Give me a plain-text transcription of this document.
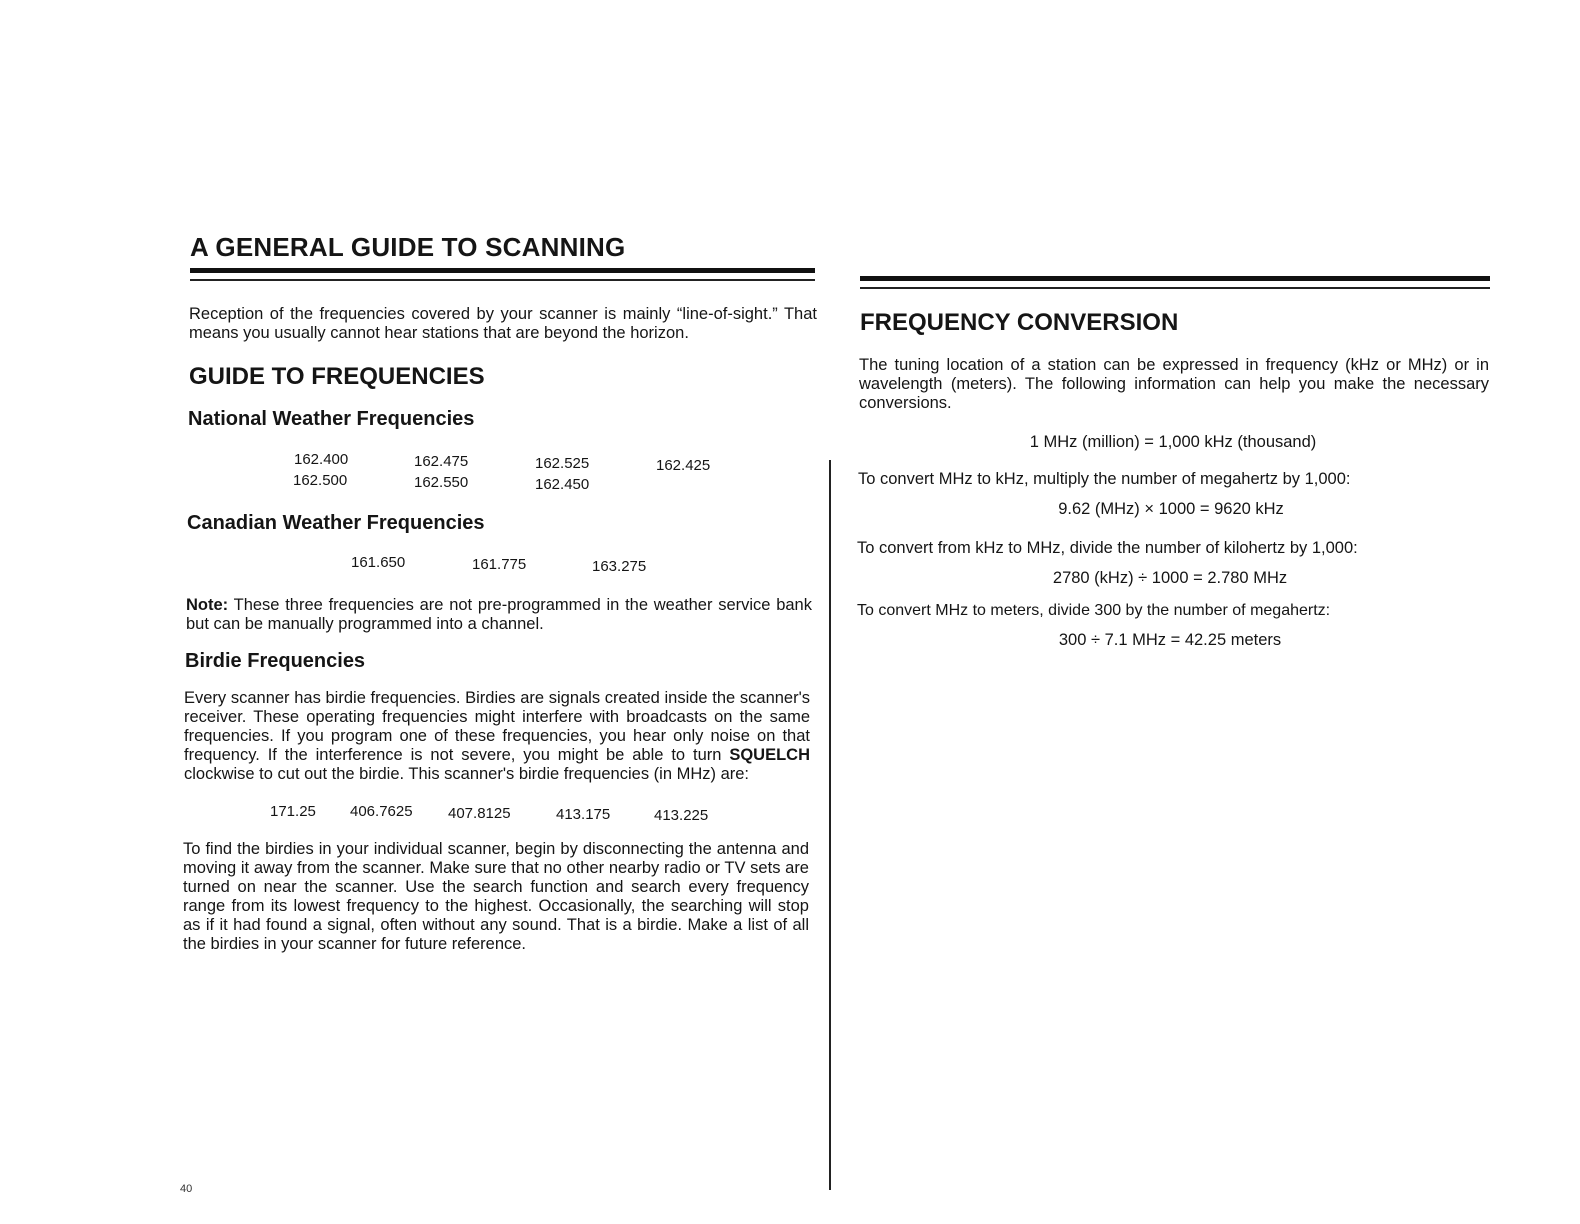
A GENERAL GUIDE TO SCANNING
Reception of the frequencies covered by your scanner is mainly “line-of-sight.” That means you usually cannot hear stations that are beyond the horizon.
GUIDE TO FREQUENCIES
National Weather Frequencies
162.400	162.475	162.525	162.425
162.500	162.550	162.450
Canadian Weather Frequencies
161.650	161.775	163.275
Note: These three frequencies are not pre-programmed in the weather service bank but can be manually programmed into a channel.
Birdie Frequencies
Every scanner has birdie frequencies. Birdies are signals created inside the scanner's receiver. These operating frequencies might interfere with broadcasts on the same frequencies. If you program one of these frequencies, you hear only noise on that frequency. If the interference is not severe, you might be able to turn SQUELCH clockwise to cut out the birdie. This scanner's birdie frequencies (in MHz) are:
171.25 406.7625 407.8125	413.175	413.225
To find the birdies in your individual scanner, begin by disconnecting the antenna and moving it away from the scanner. Make sure that no other nearby radio or TV sets are turned on near the scanner. Use the search function and search every frequency range from its lowest frequency to the highest. Occasionally, the searching will stop as if it had found a signal, often without any sound. That is a birdie. Make a list of all the birdies in your scanner for future reference.
40
FREQUENCY CONVERSION
The tuning location of a station can be expressed in frequency (kHz or MHz) or in wavelength (meters). The following information can help you make the necessary conversions.
1 MHz (million) = 1,000 kHz (thousand)
To convert MHz to kHz, multiply the number of megahertz by 1,000:
9.62 (MHz) × 1000 = 9620 kHz
To convert from kHz to MHz, divide the number of kilohertz by 1,000:
2780 (kHz) ÷ 1000 = 2.780 MHz
To convert MHz to meters, divide 300 by the number of megahertz:
300 ÷ 7.1 MHz = 42.25 meters
